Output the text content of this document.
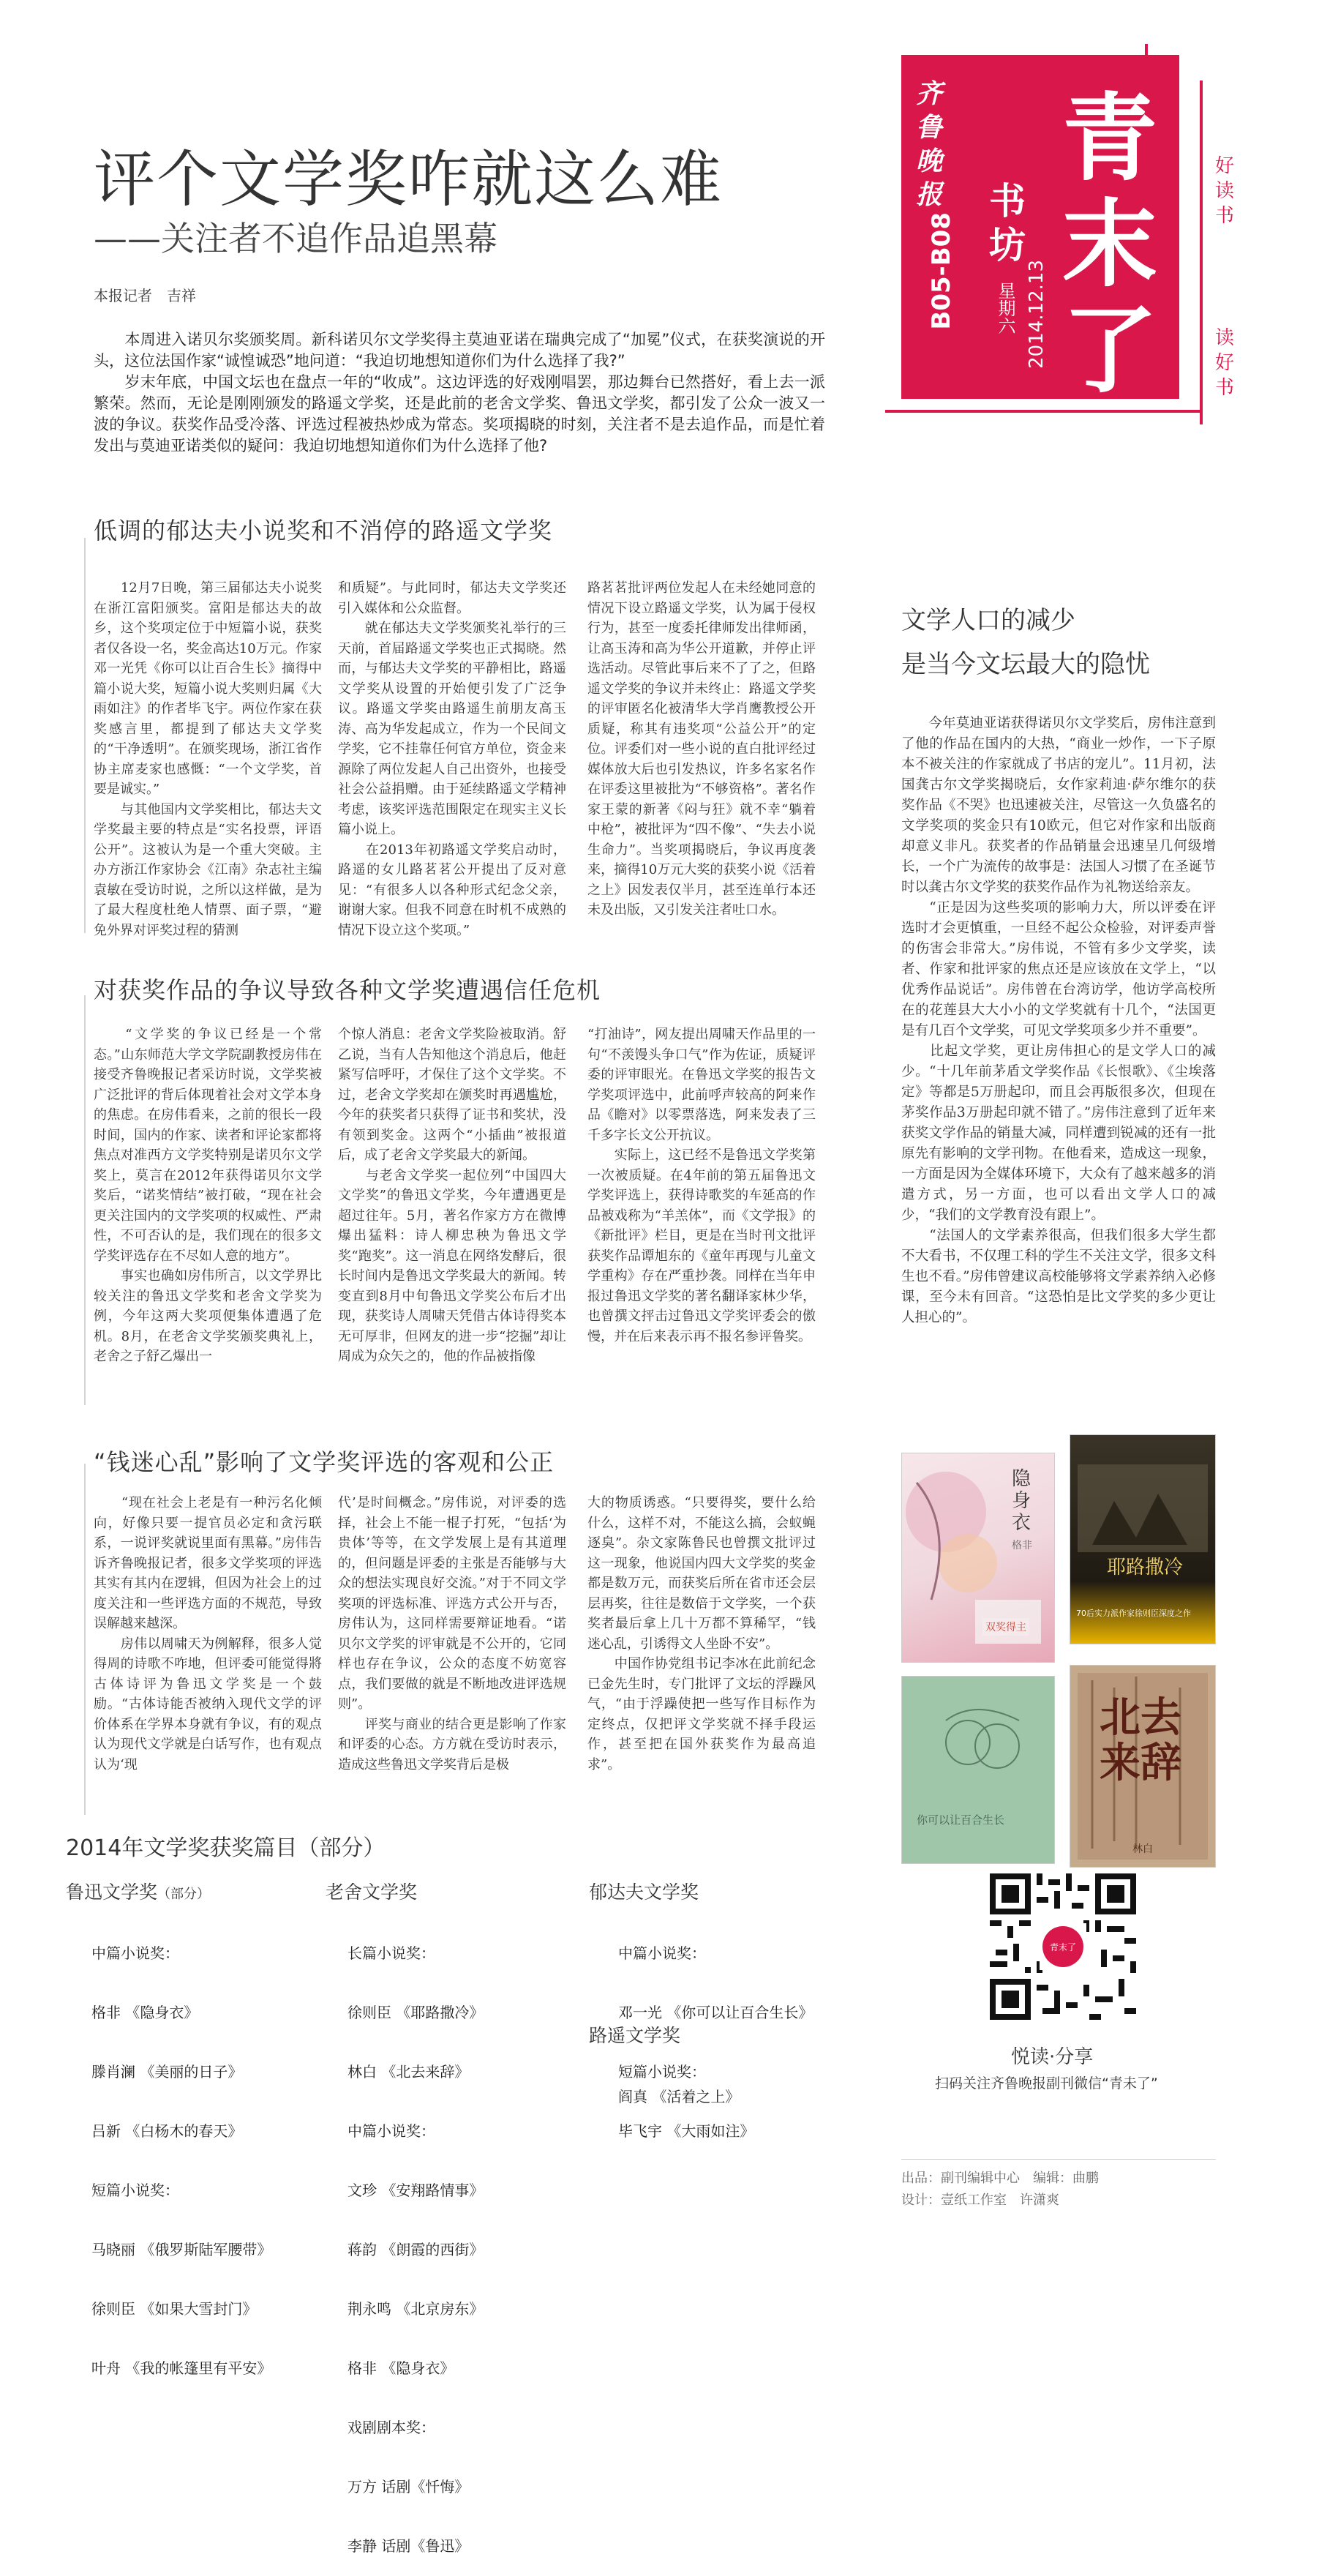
评个文学奖咋就这么难
——关注者不追作品追黑幕
本报记者　吉祥
　　本周进入诺贝尔奖颁奖周。新科诺贝尔文学奖得主莫迪亚诺在瑞典完成了“加冕”仪式，在获奖演说的开头，这位法国作家“诚惶诚恐”地问道：“我迫切地想知道你们为什么选择了我?”
　　岁末年底，中国文坛也在盘点一年的“收成”。这边评选的好戏刚唱罢，那边舞台已然搭好，看上去一派繁荣。然而，无论是刚刚颁发的路遥文学奖，还是此前的老舍文学奖、鲁迅文学奖，都引发了公众一波又一波的争议。获奖作品受冷落、评选过程被热炒成为常态。奖项揭晓的时刻，关注者不是去追作品，而是忙着发出与莫迪亚诺类似的疑问：我迫切地想知道你们为什么选择了他?
青
末
了
书坊
齐鲁晚报
B05-B08 星期六 2014.12.13
好读书
读好书
低调的郁达夫小说奖和不消停的路遥文学奖
　　12月7日晚，第三届郁达夫小说奖在浙江富阳颁奖。富阳是郁达夫的故乡，这个奖项定位于中短篇小说，获奖者仅各设一名，奖金高达10万元。作家邓一光凭《你可以让百合生长》摘得中篇小说大奖，短篇小说大奖则归属《大雨如注》的作者毕飞宇。两位作家在获奖感言里，都提到了郁达夫文学奖的“干净透明”。在颁奖现场，浙江省作协主席麦家也感慨：“一个文学奖，首要是诚实。”
　　与其他国内文学奖相比，郁达夫文学奖最主要的特点是“实名投票，评语公开”。这被认为是一个重大突破。主办方浙江作家协会《江南》杂志社主编袁敏在受访时说，之所以这样做，是为了最大程度杜绝人情票、面子票，“避免外界对评奖过程的猜测
和质疑”。与此同时，郁达夫文学奖还引入媒体和公众监督。
　　就在郁达夫文学奖颁奖礼举行的三天前，首届路遥文学奖也正式揭晓。然而，与郁达夫文学奖的平静相比，路遥文学奖从设置的开始便引发了广泛争议。路遥文学奖由路遥生前朋友高玉涛、高为华发起成立，作为一个民间文学奖，它不挂靠任何官方单位，资金来源除了两位发起人自己出资外，也接受社会公益捐赠。由于延续路遥文学精神考虑，该奖评选范围限定在现实主义长篇小说上。
　　在2013年初路遥文学奖启动时，路遥的女儿路茗茗公开提出了反对意见：“有很多人以各种形式纪念父亲，谢谢大家。但我不同意在时机不成熟的情况下设立这个奖项。”
路茗茗批评两位发起人在未经她同意的情况下设立路遥文学奖，认为属于侵权行为，甚至一度委托律师发出律师函，让高玉涛和高为华公开道歉，并停止评选活动。尽管此事后来不了了之，但路遥文学奖的争议并未终止：路遥文学奖的评审匿名化被清华大学肖鹰教授公开质疑，称其有违奖项“公益公开”的定位。评委们对一些小说的直白批评经过媒体放大后也引发热议，许多名家名作在评委这里被批为“不够资格”。著名作家王蒙的新著《闷与狂》就不幸“躺着中枪”，被批评为“四不像”、“失去小说生命力”。当奖项揭晓后，争议再度袭来，摘得10万元大奖的获奖小说《活着之上》因发表仅半月，甚至连单行本还未及出版，又引发关注者吐口水。
对获奖作品的争议导致各种文学奖遭遇信任危机
　　“文学奖的争议已经是一个常态。”山东师范大学文学院副教授房伟在接受齐鲁晚报记者采访时说，文学奖被广泛批评的背后体现着社会对文学本身的焦虑。在房伟看来，之前的很长一段时间，国内的作家、读者和评论家都将焦点对准西方文学奖特别是诺贝尔文学奖上，莫言在2012年获得诺贝尔文学奖后，“诺奖情结”被打破，“现在社会更关注国内的文学奖项的权威性、严肃性，不可否认的是，我们现在的很多文学奖评选存在不尽如人意的地方”。
　　事实也确如房伟所言，以文学界比较关注的鲁迅文学奖和老舍文学奖为例，今年这两大奖项便集体遭遇了危机。8月，在老舍文学奖颁奖典礼上，老舍之子舒乙爆出一
个惊人消息：老舍文学奖险被取消。舒乙说，当有人告知他这个消息后，他赶紧写信呼吁，才保住了这个文学奖。不过，老舍文学奖却在颁奖时再遇尴尬，今年的获奖者只获得了证书和奖状，没有领到奖金。这两个“小插曲”被报道后，成了老舍文学奖最大的新闻。
　　与老舍文学奖一起位列“中国四大文学奖”的鲁迅文学奖，今年遭遇更是超过往年。5月，著名作家方方在微博爆出猛料：诗人柳忠秧为鲁迅文学奖“跑奖”。这一消息在网络发酵后，很长时间内是鲁迅文学奖最大的新闻。转变直到8月中旬鲁迅文学奖公布后才出现，获奖诗人周啸天凭借古体诗得奖本无可厚非，但网友的进一步“挖掘”却让周成为众矢之的，他的作品被指像
“打油诗”，网友提出周啸天作品里的一句“不羡馒头争口气”作为佐证，质疑评委的评审眼光。在鲁迅文学奖的报告文学奖项评选中，此前呼声较高的阿来作品《瞻对》以零票落选，阿来发表了三千多字长文公开抗议。
　　实际上，这已经不是鲁迅文学奖第一次被质疑。在4年前的第五届鲁迅文学奖评选上，获得诗歌奖的车延高的作品被戏称为“羊羔体”，而《文学报》的《新批评》栏目，更是在当时刊文批评获奖作品谭旭东的《童年再现与儿童文学重构》存在严重抄袭。同样在当年申报过鲁迅文学奖的著名翻译家林少华，也曾撰文抨击过鲁迅文学奖评委会的傲慢，并在后来表示再不报名参评鲁奖。
“钱迷心乱”影响了文学奖评选的客观和公正
　　“现在社会上老是有一种污名化倾向，好像只要一提官员必定和贪污联系，一说评奖就说里面有黑幕。”房伟告诉齐鲁晚报记者，很多文学奖项的评选其实有其内在逻辑，但因为社会上的过度关注和一些评选方面的不规范，导致误解越来越深。
　　房伟以周啸天为例解释，很多人觉得周的诗歌不咋地，但评委可能觉得將古体诗评为鲁迅文学奖是一个鼓励。“古体诗能否被纳入现代文学的评价体系在学界本身就有争议，有的观点认为现代文学就是白话写作，也有观点认为‘现
代’是时间概念。”房伟说，对评委的选择，社会上不能一棍子打死，“包括‘为贵体’等等，在文学发展上是有其道理的，但问题是评委的主张是否能够与大众的想法实现良好交流。”对于不同文学奖项的评选标准、评选方式公开与否，房伟认为，这同样需要辩证地看。“诺贝尔文学奖的评审就是不公开的，它同样也存在争议，公众的态度不妨宽容点，我们要做的就是不断地改进评选规则”。
　　评奖与商业的结合更是影响了作家和评委的心态。方方就在受访时表示，造成这些鲁迅文学奖背后是极
大的物质诱惑。“只要得奖，要什么给什么，这样不对，不能这么搞，会蚁蝇逐臭”。杂文家陈鲁民也曾撰文批评过这一现象，他说国内四大文学奖的奖金都是数万元，而获奖后所在省市还会层层再奖，往往是数倍于文学奖，一个获奖者最后拿上几十万都不算稀罕，“钱迷心乱，引诱得文人坐卧不安”。
　　中国作协党组书记李冰在此前纪念已金先生时，专门批评了文坛的浮躁风气，“由于浮躁使把一些写作目标作为定终点，仅把评文学奖就不择手段运作，甚至把在国外获奖作为最高追求”。
文学人口的减少
是当今文坛最大的隐忧
　　今年莫迪亚诺获得诺贝尔文学奖后，房伟注意到了他的作品在国内的大热，“商业一炒作，一下子原本不被关注的作家就成了书店的宠儿”。11月初，法国龚古尔文学奖揭晓后，女作家莉迪·萨尔维尔的获奖作品《不哭》也迅速被关注，尽管这一久负盛名的文学奖项的奖金只有10欧元，但它对作家和出版商却意义非凡。获奖者的作品销量会迅速呈几何级增长，一个广为流传的故事是：法国人习惯了在圣诞节时以龚古尔文学奖的获奖作品作为礼物送给亲友。
　　“正是因为这些奖项的影响力大，所以评委在评选时才会更慎重，一旦经不起公众检验，对评委声誉的伤害会非常大。”房伟说，不管有多少文学奖，读者、作家和批评家的焦点还是应该放在文学上，“以优秀作品说话”。房伟曾在台湾访学，他访学高校所在的花莲县大大小小的文学奖就有十几个，“法国更是有几百个文学奖，可见文学奖项多少并不重要”。
　　比起文学奖，更让房伟担心的是文学人口的减少。“十几年前茅盾文学奖作品《长恨歌》、《尘埃落定》等都是5万册起印，而且会再版很多次，但现在茅奖作品3万册起印就不错了。”房伟注意到了近年来获奖文学作品的销量大减，同样遭到锐减的还有一批原先有影响的文学刊物。在他看来，造成这一现象，一方面是因为全媒体环境下，大众有了越来越多的消遣方式，另一方面，也可以看出文学人口的减少，“我们的文学教育没有跟上”。
　　“法国人的文学素养很高，但我们很多大学生都不大看书，不仅理工科的学生不关注文学，很多文科生也不看。”房伟曾建议高校能够将文学素养纳入必修课，至今未有回音。“这恐怕是比文学奖的多少更让人担心的”。
隐身衣
格非
双奖得主
耶路撒冷
70后实力派作家徐则臣深度之作
你可以让百合生长
北去来辞
林白
2014年文学奖获奖篇目（部分）
鲁迅文学奖（部分）

中篇小说奖：

格非 《隐身衣》

滕肖澜 《美丽的日子》

吕新 《白杨木的春天》

短篇小说奖：

马晓丽 《俄罗斯陆军腰带》

徐则臣 《如果大雪封门》

叶舟 《我的帐篷里有平安》

老舍文学奖

长篇小说奖：

徐则臣 《耶路撒冷》

林白 《北去来辞》

中篇小说奖：

文珍 《安翔路情事》

蒋韵 《朗霞的西街》

荆永鸣 《北京房东》

格非 《隐身衣》

戏剧剧本奖：

万方 话剧《忏悔》

李静 话剧《鲁迅》

郁达夫文学奖

中篇小说奖：

邓一光 《你可以让百合生长》

短篇小说奖：

毕飞宇 《大雨如注》

路遥文学奖

阎真 《活着之上》

青末了
悦读·分享
扫码关注齐鲁晚报副刊微信“青未了”
出品：副刊编辑中心　编辑：曲鹏
设计：壹纸工作室　许潇爽
